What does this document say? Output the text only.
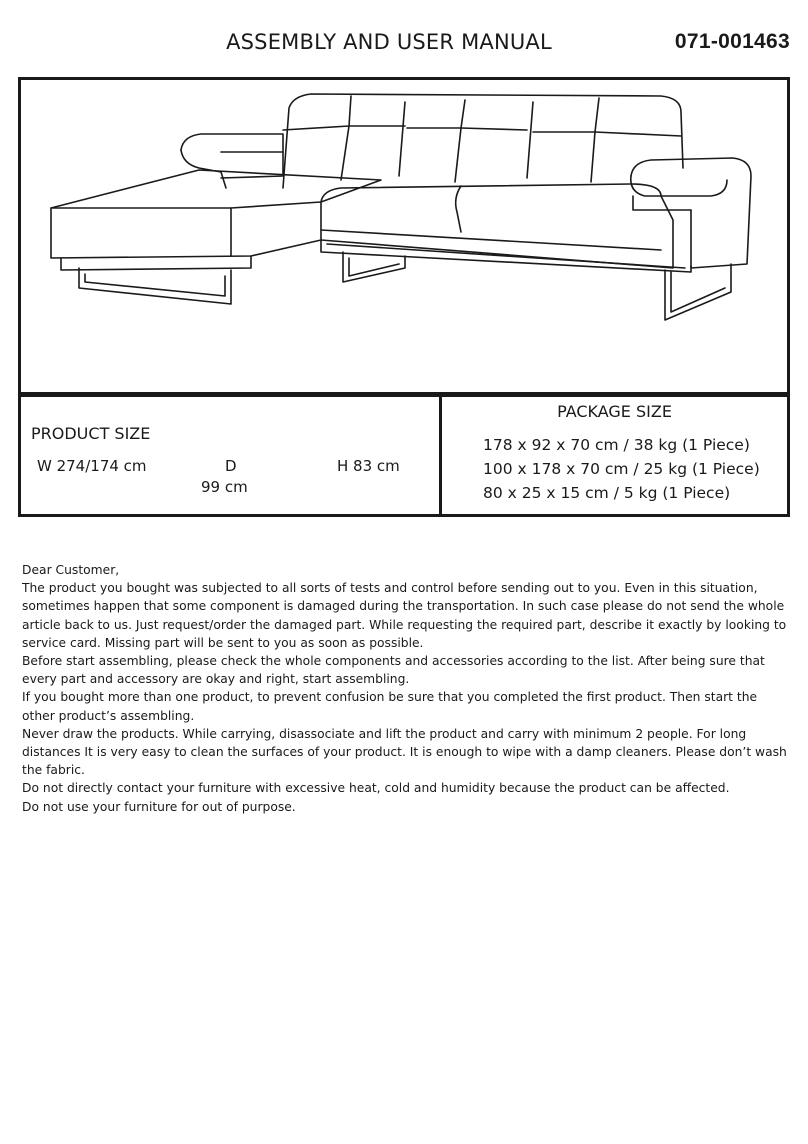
ASSEMBLY AND USER MANUAL	071-001463
PRODUCT SIZE
W 274/174 cm	D
99 cm
H 83 cm
PACKAGE SIZE
178 x 92 x 70 cm / 38 kg (1 Piece)
100 x 178 x 70 cm / 25 kg (1 Piece)
80 x 25 x 15 cm / 5 kg (1 Piece)

Dear Customer,

The product you bought was subjected to all sorts of tests and control before sending out to you. Even in this situation, sometimes happen that some component is damaged during the transportation. In such case please do not send the whole article back to us. Just request/order the damaged part. While requesting the required part, describe it exactly by looking to service card. Missing part will be sent to you as soon as possible.

Before start assembling, please check the whole components and accessories according to the list. After being sure that every part and accessory are okay and right, start assembling.

If you bought more than one product, to prevent confusion be sure that you completed the first product. Then start the other product’s assembling.

Never draw the products. While carrying, disassociate and lift the product and carry with minimum 2 people. For long distances It is very easy to clean the surfaces of your product. It is enough to wipe with a damp cleaners. Please don’t wash the fabric.

Do not directly contact your furniture with excessive heat, cold and humidity because the product can be affected.

Do not use your furniture for out of purpose.
